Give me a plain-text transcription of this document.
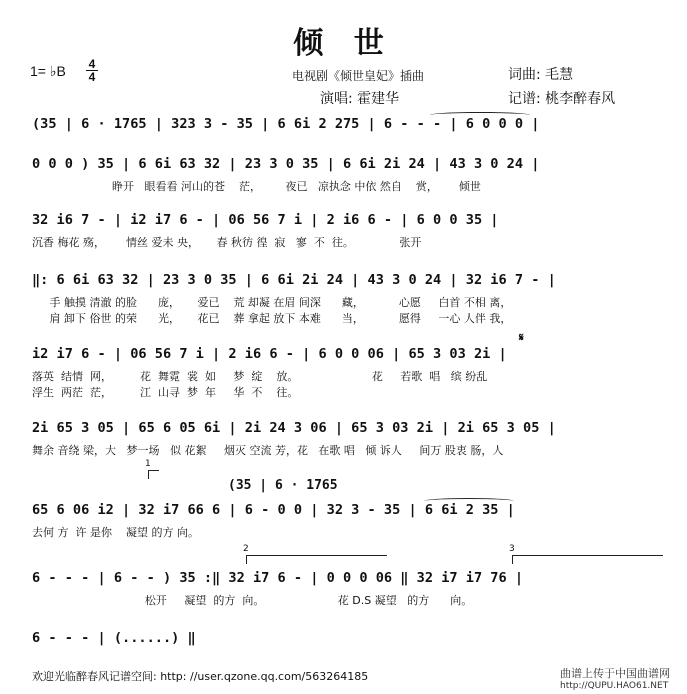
倾 世
1= ♭B 4
4	电视剧《倾世皇妃》插曲	词曲: 毛慧
演唱: 霍建华	记谱: 桃李醉春风
(35 | 6 · 1765 | 323 3 - 35 | 6 6i 2 275 | 6 - - - | 6 0 0 0 |
0 0 0 ) 35 | 6 6i 63 32 | 23 3 0 35 | 6 6i 2i 24 | 43 3 0 24 |
睁开   眼看看 河山的苍    茫，       夜已   凉执念 中依 然自    赏，      倾世
32 i6 7 - | i2 i7 6 - | 06 56 7 i | 2 i6 6 - | 6 0 0 35 |
沉香 梅花 殇，      情丝 爱未 央，     春 秋彷 徨  寂   寥  不  往。             张开
‖: 6 6i 63 32 | 23 3 0 35 | 6 6i 2i 24 | 43 3 0 24 | 32 i6 7 - |
手 触摸 清澈 的脸      庞，     爱已    荒 却凝 在眉 间深      藏，          心愿     白首 不相 离，
肩 卸下 俗世 的荣      光，     花已    葬 拿起 放下 本难      当，          愿得     一心 人伴 我，
i2 i7 6 - | 06 56 7 i | 2 i6 6 - | 6 0 0 06 | 65 3 03 2i |
落英  结情  网，        花  舞霓  裳  如     梦  绽    放。                     花     若歌  唱   缤 纷乱
浮生  两茫  茫，        江  山寻  梦  年     华  不    往。
𝄋
2i 65 3 05 | 65 6 05 6i | 2i 24 3 06 | 65 3 03 2i | 2i 65 3 05 |
舞余 音绕 梁，大   梦一场   似 花絮     烟灭 空流 芳，花   在歌 唱   倾 诉人     间万 股衷 肠，人
1
(35 | 6 · 1765
65 6 06 i2 | 32 i7 66 6 | 6 - 0 0 | 32 3 - 35 | 6 6i 2 35 |
去何 方  许 是你    凝望 的方 向。
2	3
6 - - - | 6 - - ) 35 :‖ 32 i7 6 - | 0 0 0 06 ‖ 32 i7 i7 76 |
松开     凝望  的方  向。                     花 D.S 凝望   的方      向。
6 - - - | (......) ‖
欢迎光临醉春风记谱空间: http: //user.qzone.qq.com/563264185	曲谱上传于中国曲谱网
http://QUPU.HAO61.NET
